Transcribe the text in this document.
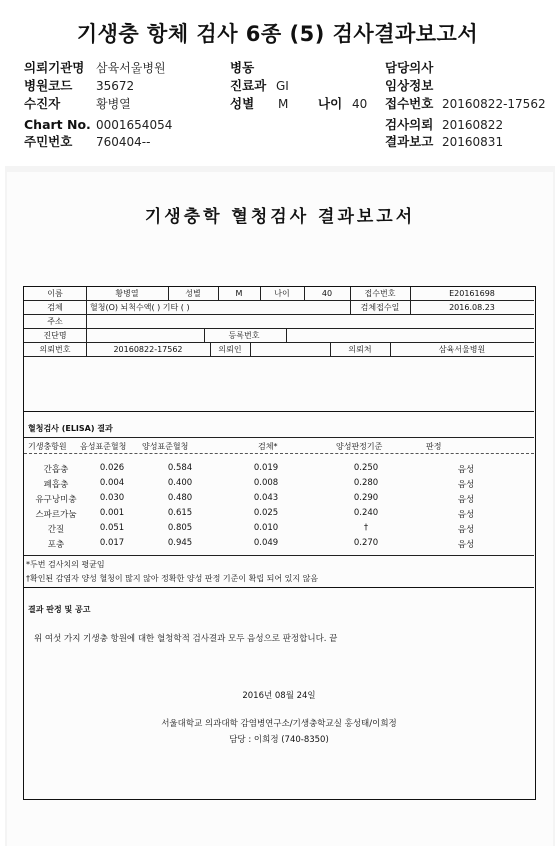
기생충 항체 검사 6종 (5) 검사결과보고서
의뢰기관명 삼육서울병원	병동	담당의사
병원코드 35672	진료과 GI	임상정보
수진자	황병열	성별 M 나이 40 접수번호 20160822-17562
Chart No. 0001654054	검사의뢰 20160822
주민번호 760404--	결과보고 20160831
기생충학 혈청검사 결과보고서
이름	황병열	성별	M	나이	40	접수번호	E20161698
검체	혈청(O) 뇌척수액( ) 기타 ( )	검체접수일	2016.08.23
주소
진단명	등록번호
의뢰번호	20160822-17562	의뢰인	의뢰처	삼육서울병원
혈청검사 (ELISA) 결과
기생충항원 음성표준혈청 양성표준혈청	검체*	양성판정기준	판정
간흡충	0.026	0.584	0.019	0.250	음성
폐흡충	0.004	0.400	0.008	0.280	음성
유구낭미충	0.030	0.480	0.043	0.290	음성
스파르가눔	0.001	0.615	0.025	0.240	음성
간질	0.051	0.805	0.010	†	음성
포충	0.017	0.945	0.049	0.270	음성
*두번 검사치의 평균임
†확인된 감염자 양성 혈청이 많지 않아 정확한 양성 판정 기준이 확립 되어 있지 않음
결과 판정 및 공고
위 여섯 가지 기생충 항원에 대한 혈청학적 검사결과 모두 음성으로 판정합니다. 끝
2016년 08월 24일
서울대학교 의과대학 감염병연구소/기생충학교실 홍성태/이희정
담당 : 이희정 (740-8350)
